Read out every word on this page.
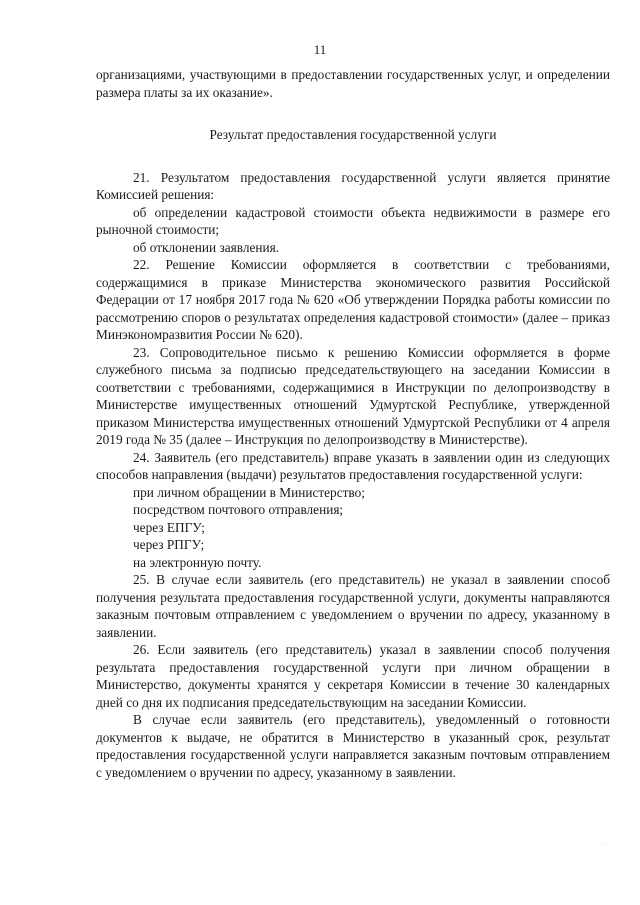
11

организациями, участвующими в предоставлении государственных услуг, и определении размера платы за их оказание».

Результат предоставления государственной услуги

21. Результатом предоставления государственной услуги является принятие Комиссией решения:

об определении кадастровой стоимости объекта недвижимости в размере его рыночной стоимости;

об отклонении заявления.

22. Решение Комиссии оформляется в соответствии с требованиями, содержащимися в приказе Министерства экономического развития Российской Федерации от 17 ноября 2017 года № 620 «Об утверждении Порядка работы комиссии по рассмотрению споров о результатах определения кадастровой стоимости» (далее – приказ Минэкономразвития России № 620).

23. Сопроводительное письмо к решению Комиссии оформляется в форме служебного письма за подписью председательствующего на заседании Комиссии в соответствии с требованиями, содержащимися в Инструкции по делопроизводству в Министерстве имущественных отношений Удмуртской Республике, утвержденной приказом Министерства имущественных отношений Удмуртской Республики от 4 апреля 2019 года № 35 (далее – Инструкция по делопроизводству в Министерстве).

24. Заявитель (его представитель) вправе указать в заявлении один из следующих способов направления (выдачи) результатов предоставления государственной услуги:

при личном обращении в Министерство;

посредством почтового отправления;

через ЕПГУ;

через РПГУ;

на электронную почту.

25. В случае если заявитель (его представитель) не указал в заявлении способ получения результата предоставления государственной услуги, документы направляются заказным почтовым отправлением с уведомлением о вручении по адресу, указанному в заявлении.

26. Если заявитель (его представитель) указал в заявлении способ получения результата предоставления государственной услуги при личном обращении в Министерство, документы хранятся у секретаря Комиссии в течение 30 календарных дней со дня их подписания председательствующим на заседании Комиссии.

В случае если заявитель (его представитель), уведомленный о готовности документов к выдаче, не обратится в Министерство в указанный срок, результат предоставления государственной услуги направляется заказным почтовым отправлением с уведомлением о вручении по адресу, указанному в заявлении.

·
